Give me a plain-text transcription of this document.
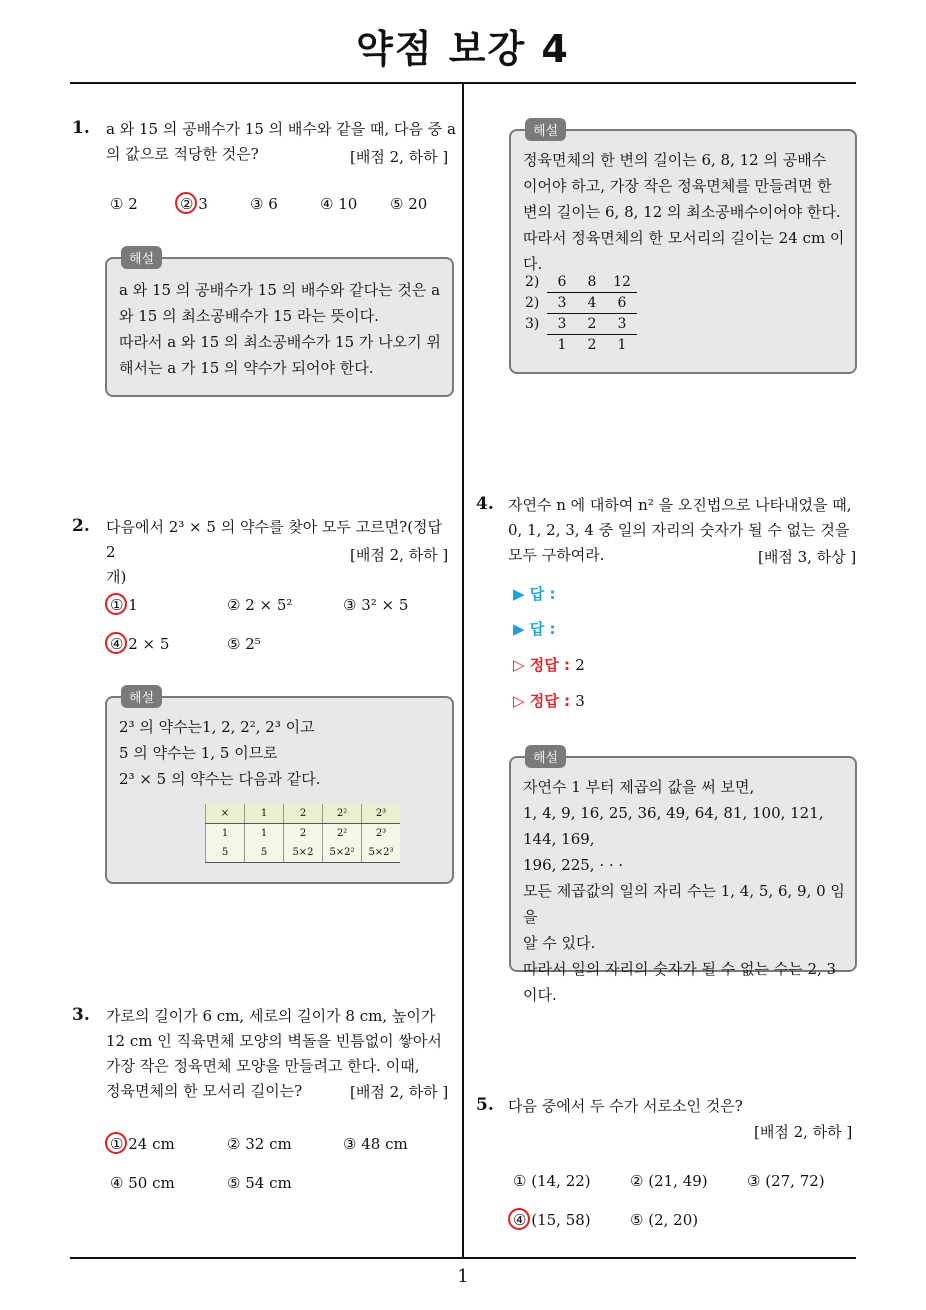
약점 보강 4
1
1. a 와 15 의 공배수가 15 의 배수와 같을 때, 다음 중 a
의 값으로 적당한 것은?	[배점 2, 하하 ]
① 2	② 3	③ 6	④ 10 ⑤ 20
해설
a 와 15 의 공배수가 15 의 배수와 같다는 것은 a
와 15 의 최소공배수가 15 라는 뜻이다.
따라서 a 와 15 의 최소공배수가 15 가 나오기 위
해서는 a 가 15 의 약수가 되어야 한다.
2. 다음에서 2³ × 5 의 약수를 찾아 모두 고르면?(정답 2
개)
[배점 2, 하하 ]
① 1	② 2 × 5²	③ 3² × 5
④ 2 × 5	⑤ 2⁵
해설
2³ 의 약수는1, 2, 2², 2³ 이고
5 의 약수는 1, 5 이므로
2³ × 5 의 약수는 다음과 같다.
×	1	2	2²	2³
1	1	2	2²	2³
5	5	5×2	5×2²	5×2³
3. 가로의 길이가 6 cm, 세로의 길이가 8 cm, 높이가
12 cm 인 직육면체 모양의 벽돌을 빈틈없이 쌓아서
가장 작은 정육면체 모양을 만들려고 한다. 이때,
정육면체의 한 모서리 길이는?	[배점 2, 하하 ]
① 24 cm	② 32 cm	③ 48 cm
④ 50 cm	⑤ 54 cm
해설
정육면체의 한 변의 길이는 6, 8, 12 의 공배수
이어야 하고, 가장 작은 정육면체를 만들려면 한
변의 길이는 6, 8, 12 의 최소공배수이어야 한다.
따라서 정육면체의 한 모서리의 길이는 24 cm 이
다.
2)	6	8	12
2)	3	4	6
3)	3	2	3
	1	2	1
4. 자연수 n 에 대하여 n² 을 오진법으로 나타내었을 때,
0, 1, 2, 3, 4 중 일의 자리의 숫자가 될 수 없는 것을
모두 구하여라.	[배점 3, 하상 ]
▶ 답 :
▶ 답 :
▷ 정답 : 2
▷ 정답 : 3
해설
자연수 1 부터 제곱의 값을 써 보면,
1, 4, 9, 16, 25, 36, 49, 64, 81, 100, 121, 144, 169,
196, 225, · · ·
모든 제곱값의 일의 자리 수는 1, 4, 5, 6, 9, 0 임을
알 수 있다.
따라서 일의 자리의 숫자가 될 수 없는 수는 2, 3
이다.
5. 다음 중에서 두 수가 서로소인 것은?
[배점 2, 하하 ]
① (14, 22)	② (21, 49)	③ (27, 72)
④ (15, 58)	⑤ (2, 20)
